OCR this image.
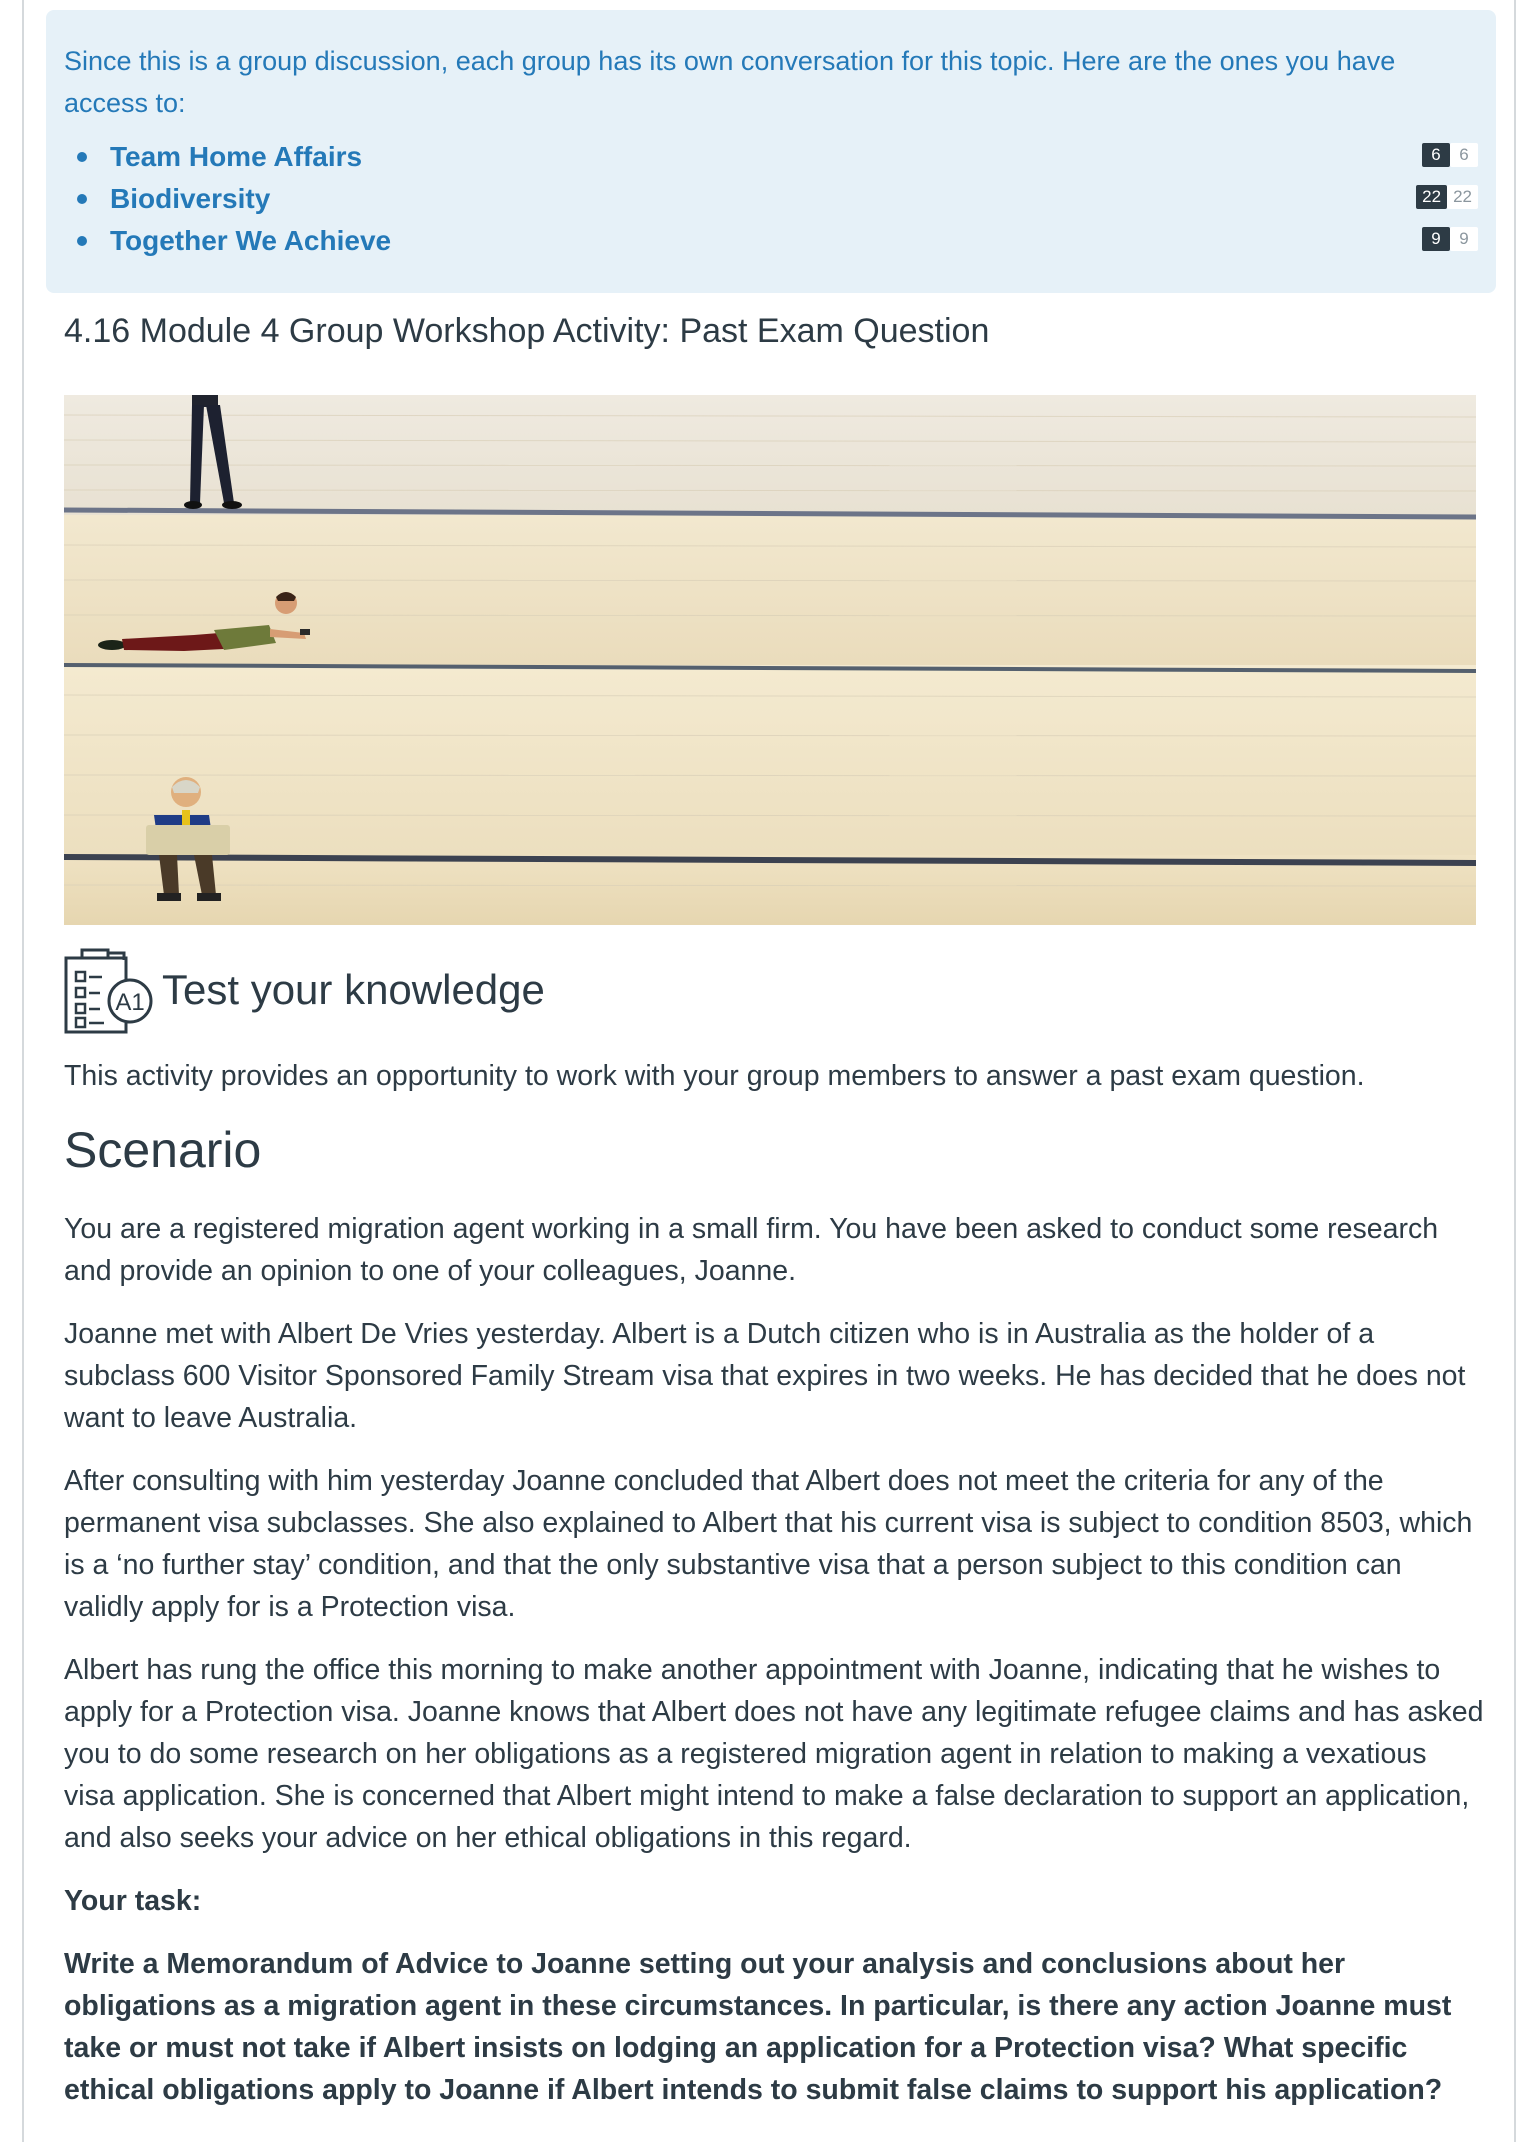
Since this is a group discussion, each group has its own conversation for this topic. Here are the ones you have access to:

Team Home Affairs	6	6
Biodiversity	22 22
Together We Achieve	9	9
4.16 Module 4 Group Workshop Activity: Past Exam Question
A1 Test your knowledge

This activity provides an opportunity to work with your group members to answer a past exam question.

Scenario

You are a registered migration agent working in a small firm. You have been asked to conduct some research and provide an opinion to one of your colleagues, Joanne.

Joanne met with Albert De Vries yesterday. Albert is a Dutch citizen who is in Australia as the holder of a subclass 600 Visitor Sponsored Family Stream visa that expires in two weeks. He has decided that he does not want to leave Australia.

After consulting with him yesterday Joanne concluded that Albert does not meet the criteria for any of the permanent visa subclasses. She also explained to Albert that his current visa is subject to condition 8503, which is a ‘no further stay’ condition, and that the only substantive visa that a person subject to this condition can validly apply for is a Protection visa.

Albert has rung the office this morning to make another appointment with Joanne, indicating that he wishes to apply for a Protection visa. Joanne knows that Albert does not have any legitimate refugee claims and has asked you to do some research on her obligations as a registered migration agent in relation to making a vexatious visa application. She is concerned that Albert might intend to make a false declaration to support an application, and also seeks your advice on her ethical obligations in this regard.

Your task:

Write a Memorandum of Advice to Joanne setting out your analysis and conclusions about her obligations as a migration agent in these circumstances. In particular, is there any action Joanne must take or must not take if Albert insists on lodging an application for a Protection visa? What specific ethical obligations apply to Joanne if Albert intends to submit false claims to support his application?
